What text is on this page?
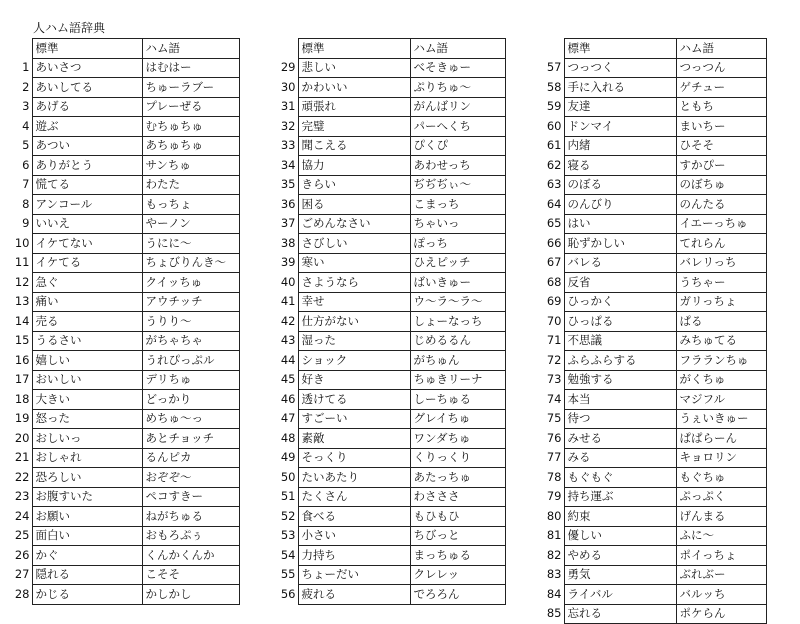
人ハム語辞典
	標準	ハム語
1	あいさつ	はむはー
2	あいしてる	ちゅーラブー
3	あげる	プレーぜる
4	遊ぶ	むちゅちゅ
5	あつい	あちゅちゅ
6	ありがとう	サンちゅ
7	慌てる	わたた
8	アンコール	もっちょ
9	いいえ	やーノン
10	イケてない	うにに～
11	イケてる	ちょびりんき～
12	急ぐ	クイッちゅ
13	痛い	アウチッチ
14	売る	うりり～
15	うるさい	がちゃちゃ
16	嬉しい	うれぴっぷル
17	おいしい	デリちゅ
18	大きい	どっかり
19	怒った	めちゅ～っ
20	おしいっ	あとチョッチ
21	おしゃれ	るんピカ
22	恐ろしい	おぞぞ～
23	お腹すいた	ペコすきー
24	お願い	ねがちゅる
25	面白い	おもろぷぅ
26	かぐ	くんかくんか
27	隠れる	こそそ
28	かじる	かしかし
	標準	ハム語
29	悲しい	べそきゅー
30	かわいい	ぷりちゅ～
31	頑張れ	がんばリン
32	完璧	パーへくち
33	聞こえる	ぴくぴ
34	協力	あわせっち
35	きらい	ぢぢぢぃ～
36	困る	こまっち
37	ごめんなさい	ちゃいっ
38	さびしい	ぽっち
39	寒い	ひえピッチ
40	さようなら	ばいきゅー
41	幸せ	ウ～ラ～ラ～
42	仕方がない	しょーなっち
43	湿った	じめるるん
44	ショック	がちゅん
45	好き	ちゅきリーナ
46	透けてる	しーちゅる
47	すごーい	グレイちゅ
48	素敵	ワンダちゅ
49	そっくり	くりっくり
50	たいあたり	あたっちゅ
51	たくさん	わさささ
52	食べる	もひもひ
53	小さい	ちびっと
54	力持ち	まっちゅる
55	ちょーだい	クレレッ
56	疲れる	でろろん
	標準	ハム語
57	つっつく	つっつん
58	手に入れる	ゲチュー
59	友達	ともち
60	ドンマイ	まいちー
61	内緒	ひそそ
62	寝る	すかぴー
63	のぼる	のぼちゅ
64	のんびり	のんたる
65	はい	イエーっちゅ
66	恥ずかしい	てれらん
67	バレる	バレリっち
68	反省	うちゃー
69	ひっかく	ガリっちょ
70	ひっぱる	ぱる
71	不思議	みちゅてる
72	ふらふらする	フラランちゅ
73	勉強する	がくちゅ
74	本当	マジフル
75	待つ	うぇいきゅー
76	みせる	ぱぱらーん
77	みる	キョロリン
78	もぐもぐ	もぐちゅ
79	持ち運ぶ	ぷっぷく
80	約束	げんまる
81	優しい	ふに～
82	やめる	ポイっちょ
83	勇気	ぶれぶー
84	ライバル	バルッち
85	忘れる	ポケらん
